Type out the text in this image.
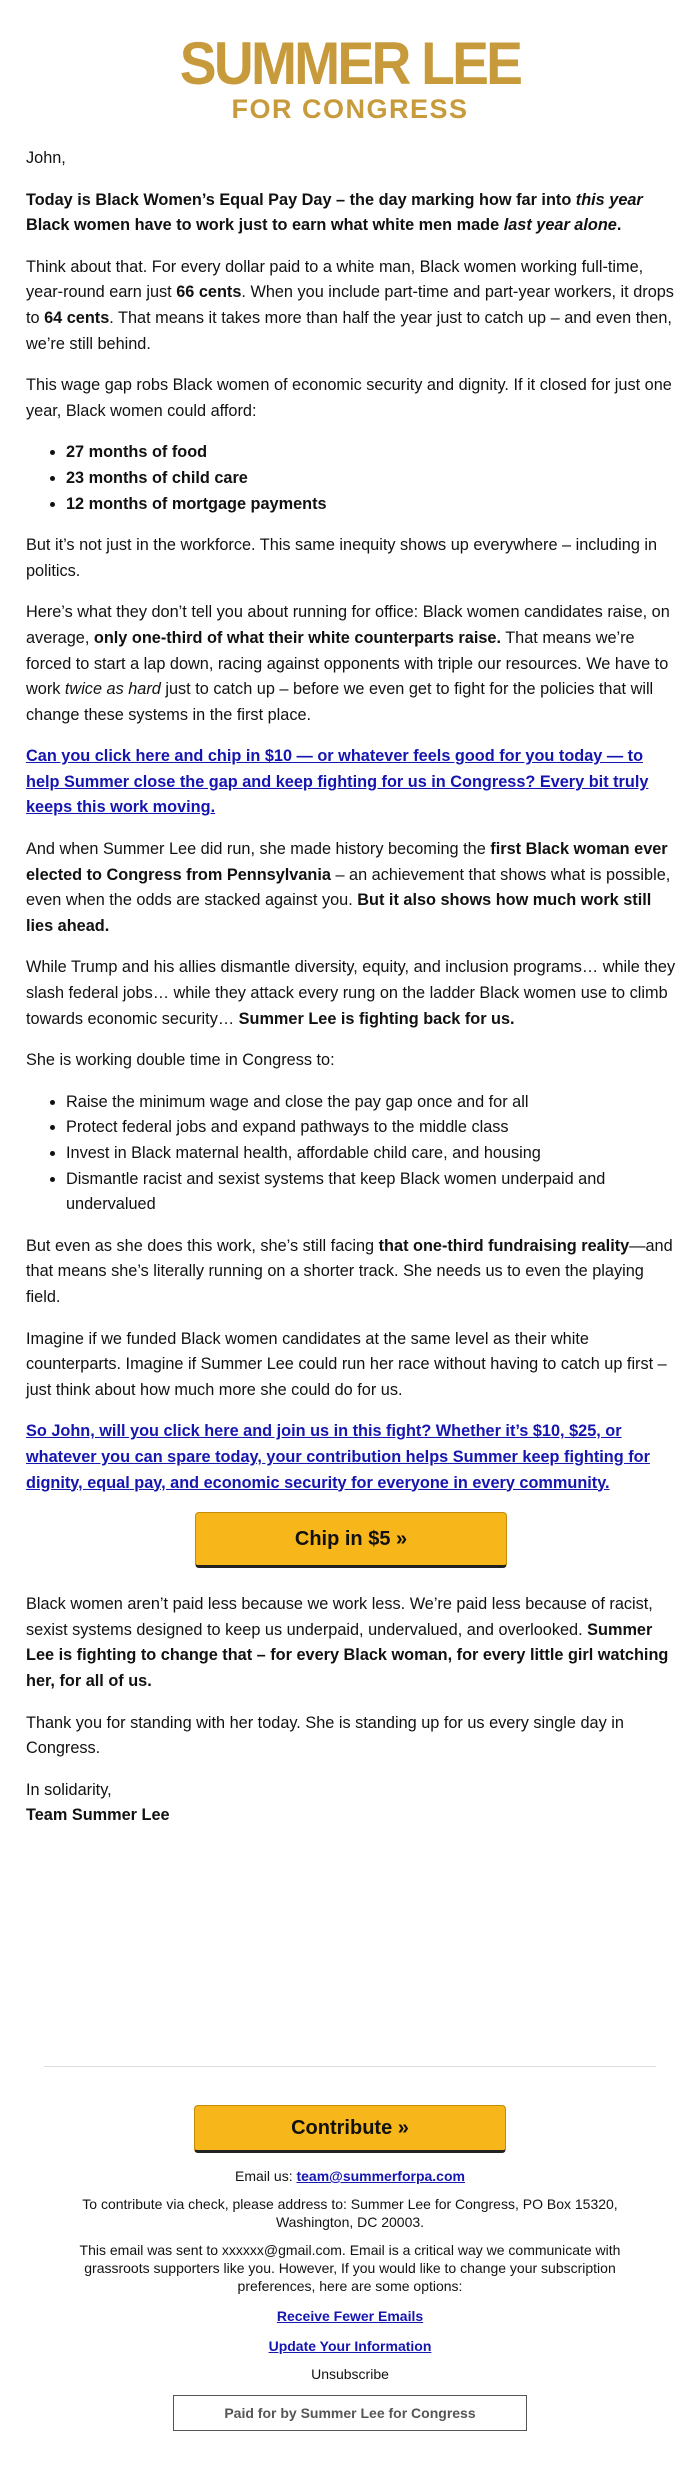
SUMMER LEE
FOR CONGRESS

John,

Today is Black Women’s Equal Pay Day – the day marking how far into this year Black women have to work just to earn what white men made last year alone.

Think about that. For every dollar paid to a white man, Black women working full-time, year-round earn just 66 cents. When you include part-time and part-year workers, it drops to 64 cents. That means it takes more than half the year just to catch up – and even then, we’re still behind.

This wage gap robs Black women of economic security and dignity. If it closed for just one year, Black women could afford:

• 27 months of food
• 23 months of child care
• 12 months of mortgage payments

But it’s not just in the workforce. This same inequity shows up everywhere – including in politics.

Here’s what they don’t tell you about running for office: Black women candidates raise, on average, only one-third of what their white counterparts raise. That means we’re forced to start a lap down, racing against opponents with triple our resources. We have to work twice as hard just to catch up – before we even get to fight for the policies that will change these systems in the first place.

Can you click here and chip in $10 — or whatever feels good for you today — to help Summer close the gap and keep fighting for us in Congress? Every bit truly keeps this work moving.

And when Summer Lee did run, she made history becoming the first Black woman ever elected to Congress from Pennsylvania – an achievement that shows what is possible, even when the odds are stacked against you. But it also shows how much work still lies ahead.

While Trump and his allies dismantle diversity, equity, and inclusion programs… while they slash federal jobs… while they attack every rung on the ladder Black women use to climb towards economic security… Summer Lee is fighting back for us.

She is working double time in Congress to:

• Raise the minimum wage and close the pay gap once and for all
• Protect federal jobs and expand pathways to the middle class
• Invest in Black maternal health, affordable child care, and housing
• Dismantle racist and sexist systems that keep Black women underpaid and undervalued

But even as she does this work, she’s still facing that one-third fundraising reality—and that means she’s literally running on a shorter track. She needs us to even the playing field.

Imagine if we funded Black women candidates at the same level as their white counterparts. Imagine if Summer Lee could run her race without having to catch up first – just think about how much more she could do for us.

So John, will you click here and join us in this fight? Whether it’s $10, $25, or whatever you can spare today, your contribution helps Summer keep fighting for dignity, equal pay, and economic security for everyone in every community.

Chip in $5 »

Black women aren’t paid less because we work less. We’re paid less because of racist, sexist systems designed to keep us underpaid, undervalued, and overlooked. Summer Lee is fighting to change that – for every Black woman, for every little girl watching her, for all of us.

Thank you for standing with her today. She is standing up for us every single day in Congress.

In solidarity,
Team Summer Lee

Contribute »
Email us: team@summerforpa.com
To contribute via check, please address to: Summer Lee for Congress, PO Box 15320, Washington, DC 20003.
This email was sent to xxxxxx@gmail.com. Email is a critical way we communicate with grassroots supporters like you. However, If you would like to change your subscription preferences, here are some options:
Receive Fewer Emails
Update Your Information
Unsubscribe
Paid for by Summer Lee for Congress
